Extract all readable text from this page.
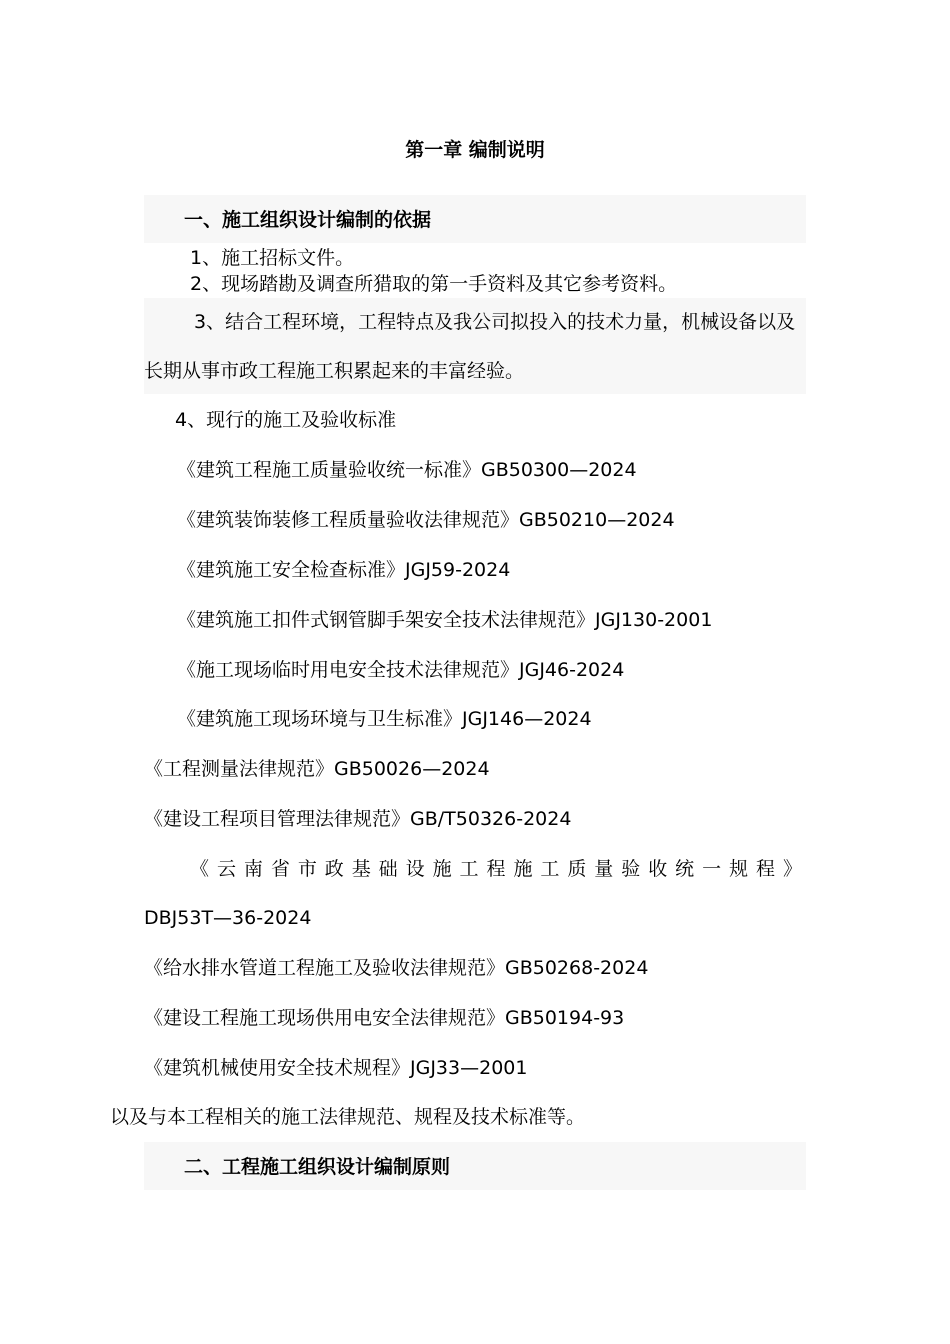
第一章 编制说明
一、施工组织设计编制的依据
1、施工招标文件。
2、现场踏勘及调查所猎取的第一手资料及其它参考资料。
3、结合工程环境，工程特点及我公司拟投入的技术力量，机械设备以及
长期从事市政工程施工积累起来的丰富经验。
4、现行的施工及验收标准
《建筑工程施工质量验收统一标准》GB50300—2024
《建筑装饰装修工程质量验收法律规范》GB50210—2024
《建筑施工安全检查标准》JGJ59-2024
《建筑施工扣件式钢管脚手架安全技术法律规范》JGJ130-2001
《施工现场临时用电安全技术法律规范》JGJ46-2024
《建筑施工现场环境与卫生标准》JGJ146—2024
《工程测量法律规范》GB50026—2024
《建设工程项目管理法律规范》GB/T50326-2024
《 云 南 省 市 政 基 础 设 施 工 程 施 工 质 量 验 收 统 一 规 程 》
DBJ53T—36-2024
《给水排水管道工程施工及验收法律规范》GB50268-2024
《建设工程施工现场供用电安全法律规范》GB50194-93
《建筑机械使用安全技术规程》JGJ33—2001
以及与本工程相关的施工法律规范、规程及技术标准等。
二、工程施工组织设计编制原则
